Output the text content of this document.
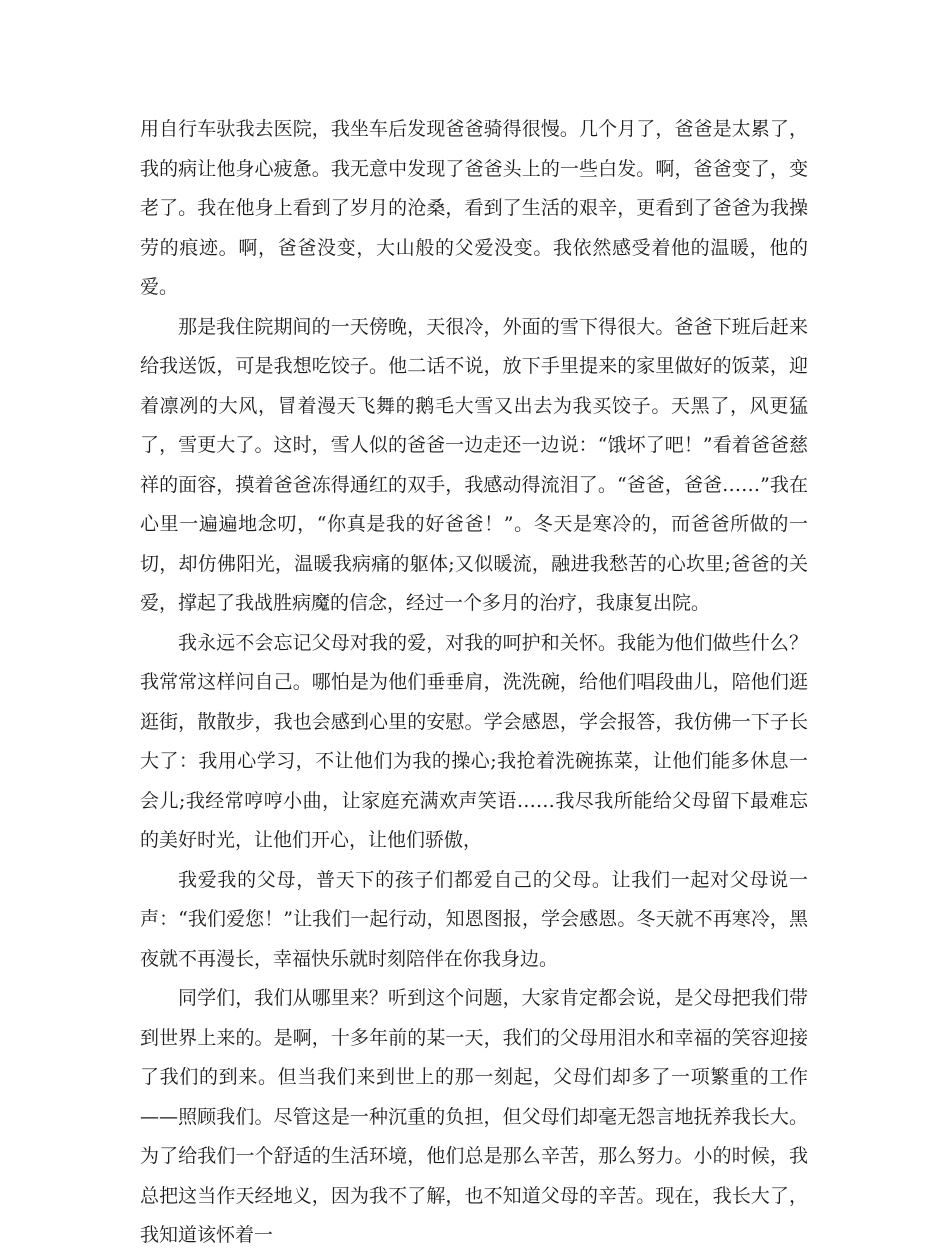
用自行车驮我去医院，我坐车后发现爸爸骑得很慢。几个月了，爸爸是太累了，我的病让他身心疲惫。我无意中发现了爸爸头上的一些白发。啊，爸爸变了，变老了。我在他身上看到了岁月的沧桑，看到了生活的艰辛，更看到了爸爸为我操劳的痕迹。啊，爸爸没变，大山般的父爱没变。我依然感受着他的温暖，他的爱。

那是我住院期间的一天傍晚，天很冷，外面的雪下得很大。爸爸下班后赶来给我送饭，可是我想吃饺子。他二话不说，放下手里提来的家里做好的饭菜，迎着凛冽的大风，冒着漫天飞舞的鹅毛大雪又出去为我买饺子。天黑了，风更猛了，雪更大了。这时，雪人似的爸爸一边走还一边说：“饿坏了吧！”看着爸爸慈祥的面容，摸着爸爸冻得通红的双手，我感动得流泪了。“爸爸，爸爸……”我在心里一遍遍地念叨，“你真是我的好爸爸！”。冬天是寒冷的，而爸爸所做的一切，却仿佛阳光，温暖我病痛的躯体;又似暖流，融进我愁苦的心坎里;爸爸的关爱，撑起了我战胜病魔的信念，经过一个多月的治疗，我康复出院。

我永远不会忘记父母对我的爱，对我的呵护和关怀。我能为他们做些什么？我常常这样问自己。哪怕是为他们垂垂肩，洗洗碗，给他们唱段曲儿，陪他们逛逛街，散散步，我也会感到心里的安慰。学会感恩，学会报答，我仿佛一下子长大了：我用心学习，不让他们为我的操心;我抢着洗碗拣菜，让他们能多休息一会儿;我经常哼哼小曲，让家庭充满欢声笑语……我尽我所能给父母留下最难忘的美好时光，让他们开心，让他们骄傲，

我爱我的父母，普天下的孩子们都爱自己的父母。让我们一起对父母说一声：“我们爱您！”让我们一起行动，知恩图报，学会感恩。冬天就不再寒冷，黑夜就不再漫长，幸福快乐就时刻陪伴在你我身边。

同学们，我们从哪里来？听到这个问题，大家肯定都会说，是父母把我们带到世界上来的。是啊，十多年前的某一天，我们的父母用泪水和幸福的笑容迎接了我们的到来。但当我们来到世上的那一刻起，父母们却多了一项繁重的工作——照顾我们。尽管这是一种沉重的负担，但父母们却毫无怨言地抚养我长大。为了给我们一个舒适的生活环境，他们总是那么辛苦，那么努力。小的时候，我总把这当作天经地义，因为我不了解，也不知道父母的辛苦。现在，我长大了，我知道该怀着一
